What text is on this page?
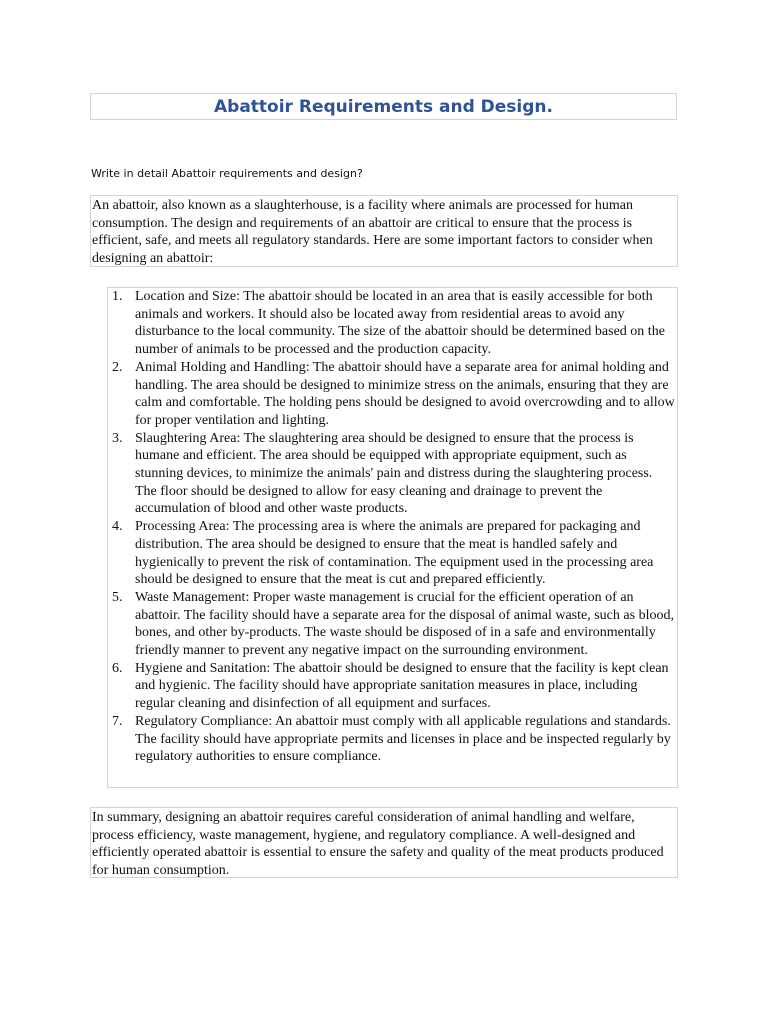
Abattoir Requirements and Design.

Write in detail Abattoir requirements and design?

An abattoir, also known as a slaughterhouse, is a facility where animals are processed for human consumption. The design and requirements of an abattoir are critical to ensure that the process is efficient, safe, and meets all regulatory standards. Here are some important factors to consider when designing an abattoir:

1. Location and Size: The abattoir should be located in an area that is easily accessible for both animals and workers. It should also be located away from residential areas to avoid any disturbance to the local community. The size of the abattoir should be determined based on the number of animals to be processed and the production capacity.
2. Animal Holding and Handling: The abattoir should have a separate area for animal holding and handling. The area should be designed to minimize stress on the animals, ensuring that they are calm and comfortable. The holding pens should be designed to avoid overcrowding and to allow for proper ventilation and lighting.
3. Slaughtering Area: The slaughtering area should be designed to ensure that the process is humane and efficient. The area should be equipped with appropriate equipment, such as stunning devices, to minimize the animals' pain and distress during the slaughtering process. The floor should be designed to allow for easy cleaning and drainage to prevent the accumulation of blood and other waste products.
4. Processing Area: The processing area is where the animals are prepared for packaging and distribution. The area should be designed to ensure that the meat is handled safely and hygienically to prevent the risk of contamination. The equipment used in the processing area should be designed to ensure that the meat is cut and prepared efficiently.
5. Waste Management: Proper waste management is crucial for the efficient operation of an abattoir. The facility should have a separate area for the disposal of animal waste, such as blood, bones, and other by-products. The waste should be disposed of in a safe and environmentally friendly manner to prevent any negative impact on the surrounding environment.
6. Hygiene and Sanitation: The abattoir should be designed to ensure that the facility is kept clean and hygienic. The facility should have appropriate sanitation measures in place, including regular cleaning and disinfection of all equipment and surfaces.
7. Regulatory Compliance: An abattoir must comply with all applicable regulations and standards. The facility should have appropriate permits and licenses in place and be inspected regularly by regulatory authorities to ensure compliance.

In summary, designing an abattoir requires careful consideration of animal handling and welfare, process efficiency, waste management, hygiene, and regulatory compliance. A well-designed and efficiently operated abattoir is essential to ensure the safety and quality of the meat products produced for human consumption.
